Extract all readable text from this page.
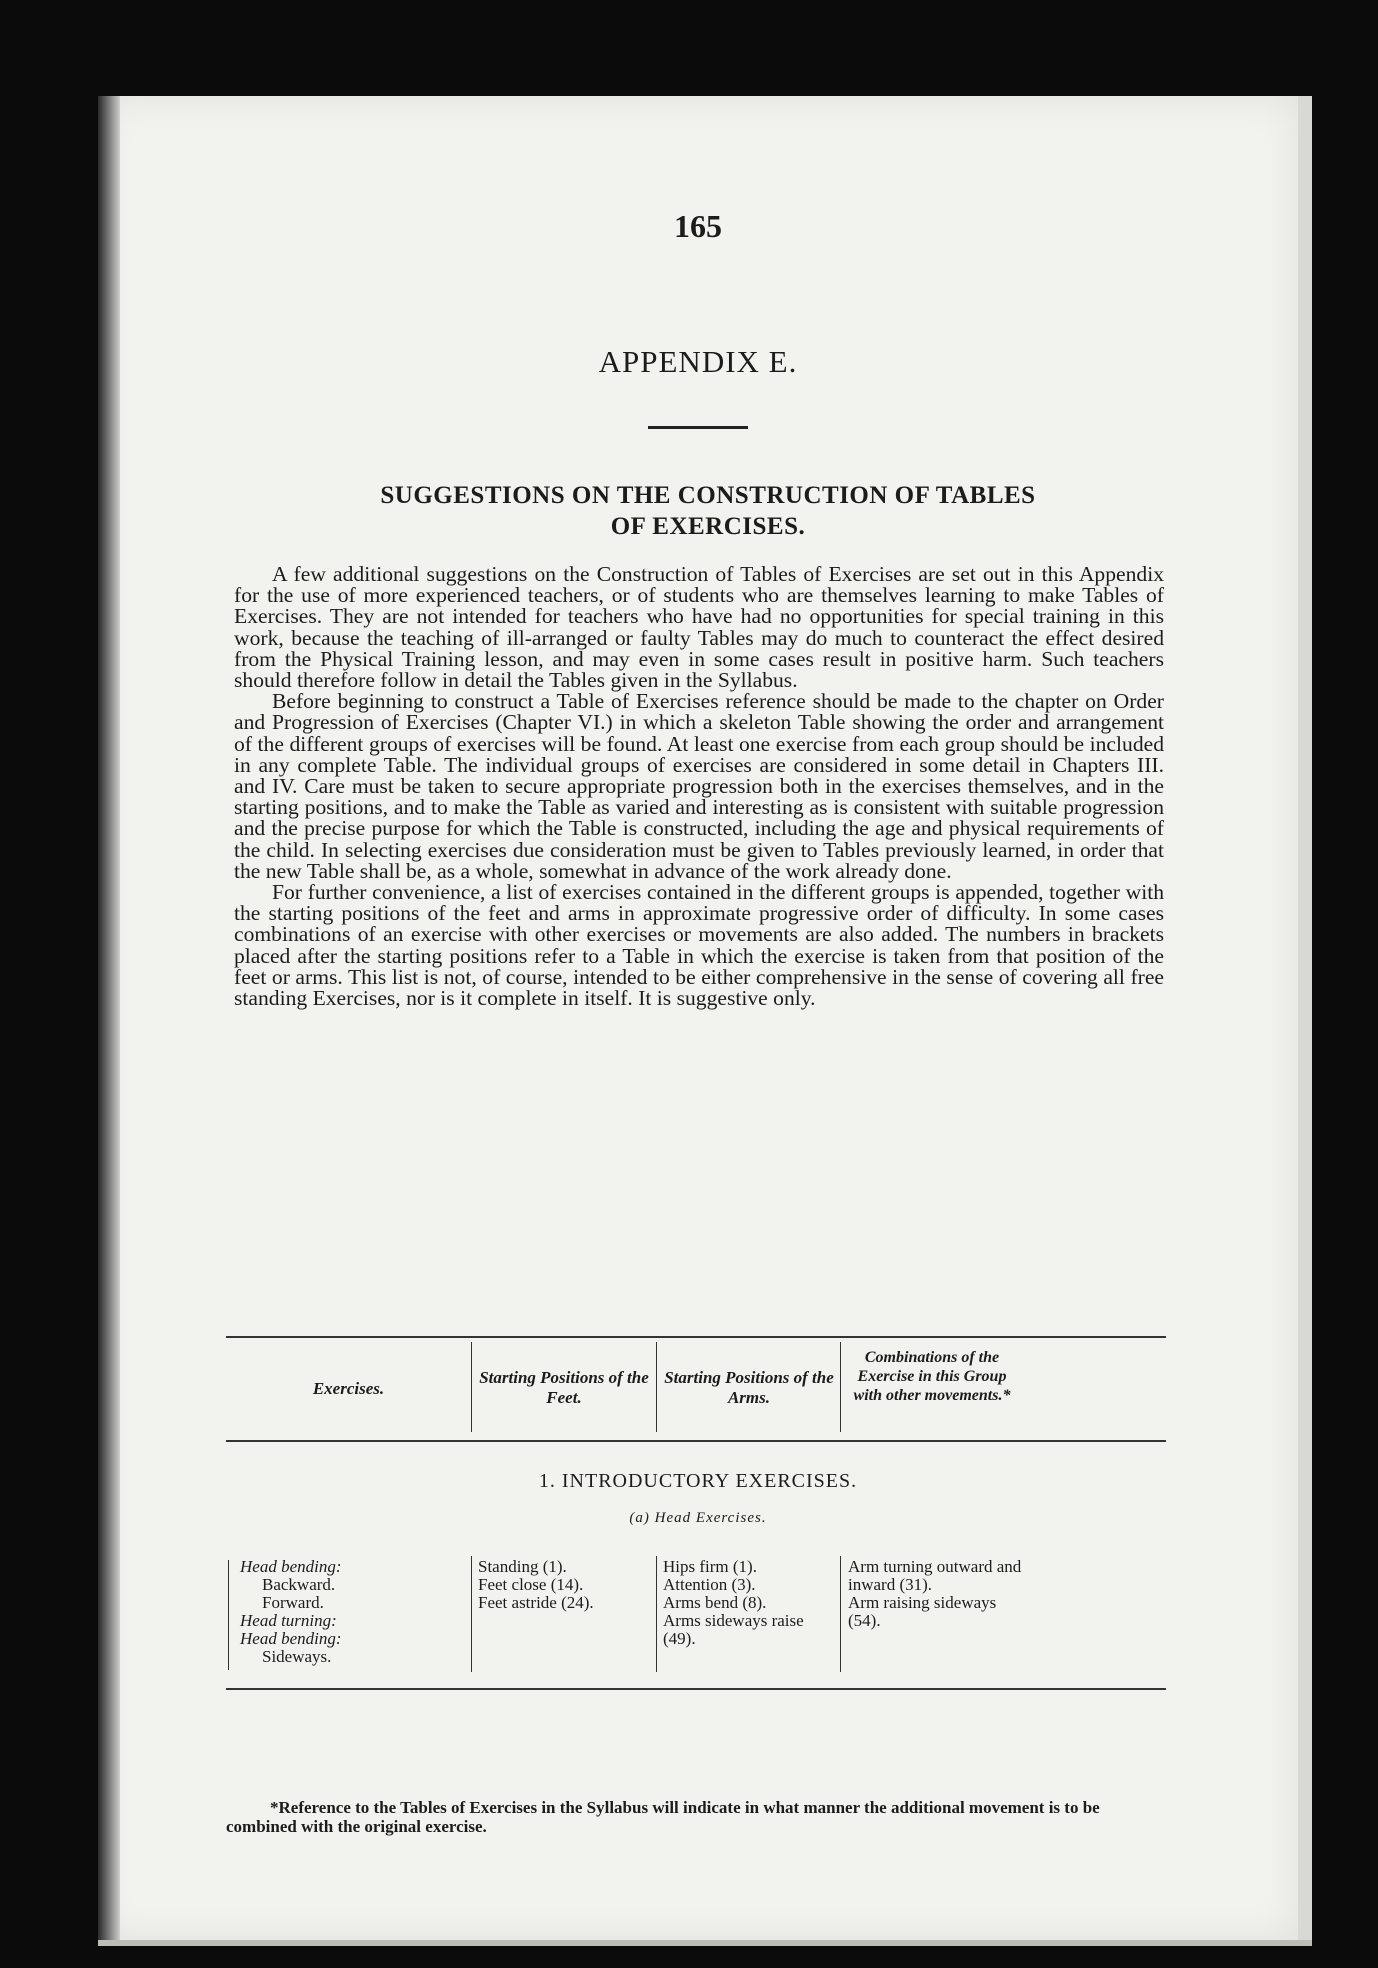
165
APPENDIX E.
SUGGESTIONS ON THE CONSTRUCTION OF TABLES
OF EXERCISES.

A few additional suggestions on the Construction of Tables of Exercises are set out in this Appendix for the use of more experienced teachers, or of students who are themselves learning to make Tables of Exercises. They are not intended for teachers who have had no opportunities for special training in this work, because the teaching of ill-arranged or faulty Tables may do much to counteract the effect desired from the Physical Training lesson, and may even in some cases result in positive harm. Such teachers should therefore follow in detail the Tables given in the Syllabus.

Before beginning to construct a Table of Exercises reference should be made to the chapter on Order and Progression of Exercises (Chapter VI.) in which a skeleton Table showing the order and arrangement of the different groups of exercises will be found. At least one exercise from each group should be included in any complete Table. The individual groups of exercises are considered in some detail in Chapters III. and IV. Care must be taken to secure appropriate progression both in the exercises themselves, and in the starting positions, and to make the Table as varied and interesting as is consistent with suitable progression and the precise purpose for which the Table is constructed, including the age and physical requirements of the child. In selecting exercises due consideration must be given to Tables previously learned, in order that the new Table shall be, as a whole, somewhat in advance of the work already done.

For further convenience, a list of exercises contained in the different groups is appended, together with the starting positions of the feet and arms in approximate progressive order of difficulty. In some cases combinations of an exercise with other exercises or movements are also added. The numbers in brackets placed after the starting positions refer to a Table in which the exercise is taken from that position of the feet or arms. This list is not, of course, intended to be either comprehensive in the sense of covering all free standing Exercises, nor is it complete in itself. It is suggestive only.

Exercises.
Starting Positions of the Feet.
Starting Positions of the Arms.
Combinations of the Exercise in this Group with other movements.*
1. INTRODUCTORY EXERCISES.
(a) Head Exercises.
Head bending:
Backward.
Forward.
Head turning:
Head bending:
Sideways.
Standing (1).
Feet close (14).
Feet astride (24).
Hips firm (1).
Attention (3).
Arms bend (8).
Arms sideways raise (49).
Arm turning outward and inward (31).
Arm raising sideways (54).
*Reference to the Tables of Exercises in the Syllabus will indicate in what manner the additional movement is to be combined with the original exercise.
